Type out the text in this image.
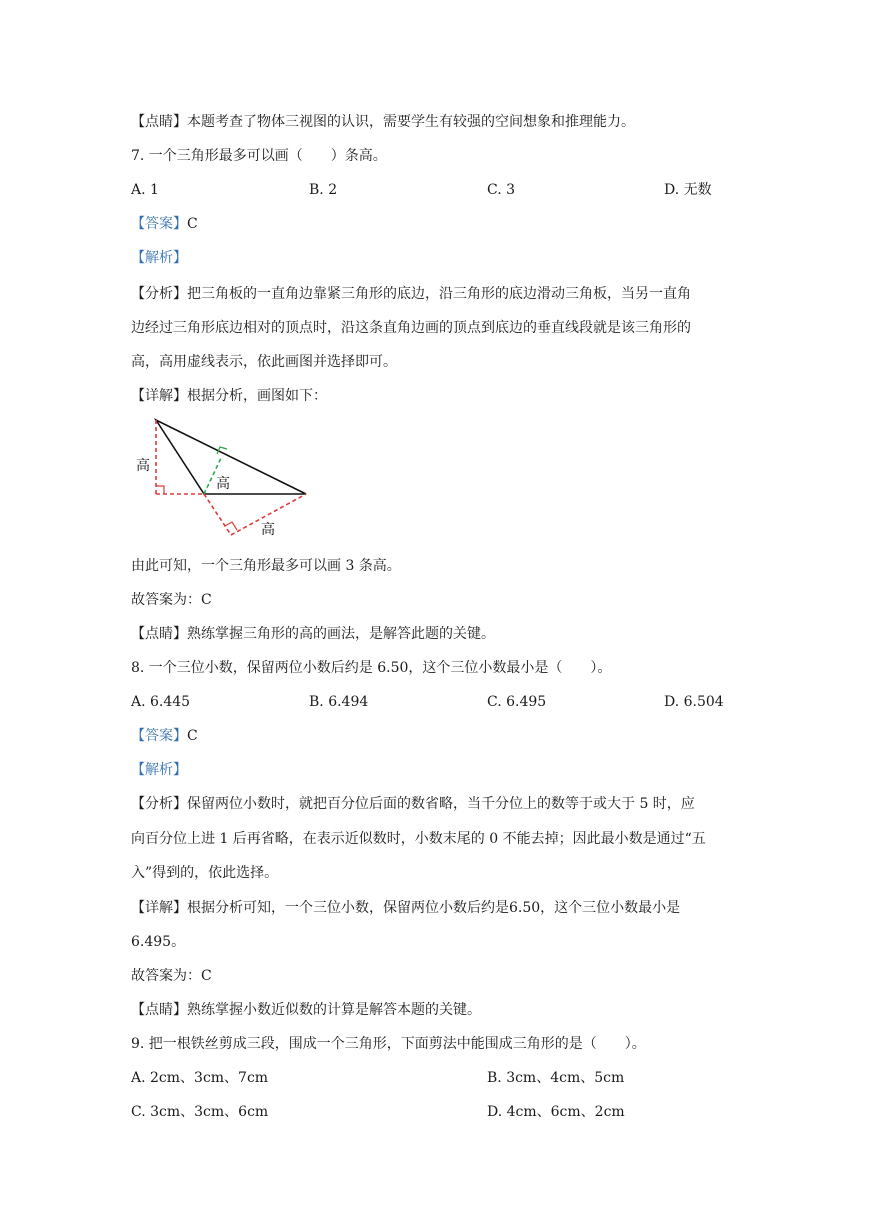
【点睛】本题考查了物体三视图的认识，需要学生有较强的空间想象和推理能力。
7. 一个三角形最多可以画（　　）条高。
A. 1	B. 2	C. 3	D. 无数
【答案】C
【解析】
【分析】把三角板的一直角边靠紧三角形的底边，沿三角形的底边滑动三角板，当另一直角
边经过三角形底边相对的顶点时，沿这条直角边画的顶点到底边的垂直线段就是该三角形的
高，高用虚线表示，依此画图并选择即可。
【详解】根据分析，画图如下：
高
高
高
由此可知，一个三角形最多可以画 3 条高。
故答案为：C
【点睛】熟练掌握三角形的高的画法，是解答此题的关键。
8. 一个三位小数，保留两位小数后约是 6.50，这个三位小数最小是（　　）。
A. 6.445	B. 6.494	C. 6.495	D. 6.504
【答案】C
【解析】
【分析】保留两位小数时，就把百分位后面的数省略，当千分位上的数等于或大于 5 时，应
向百分位上进 1 后再省略，在表示近似数时，小数末尾的 0 不能去掉；因此最小数是通过“五
入”得到的，依此选择。
【详解】根据分析可知，一个三位小数，保留两位小数后约是6.50，这个三位小数最小是
6.495。
故答案为：C
【点睛】熟练掌握小数近似数的计算是解答本题的关键。
9. 把一根铁丝剪成三段，围成一个三角形，下面剪法中能围成三角形的是（　　）。
A. 2cm、3cm、7cm	B. 3cm、4cm、5cm
C. 3cm、3cm、6cm	D. 4cm、6cm、2cm
